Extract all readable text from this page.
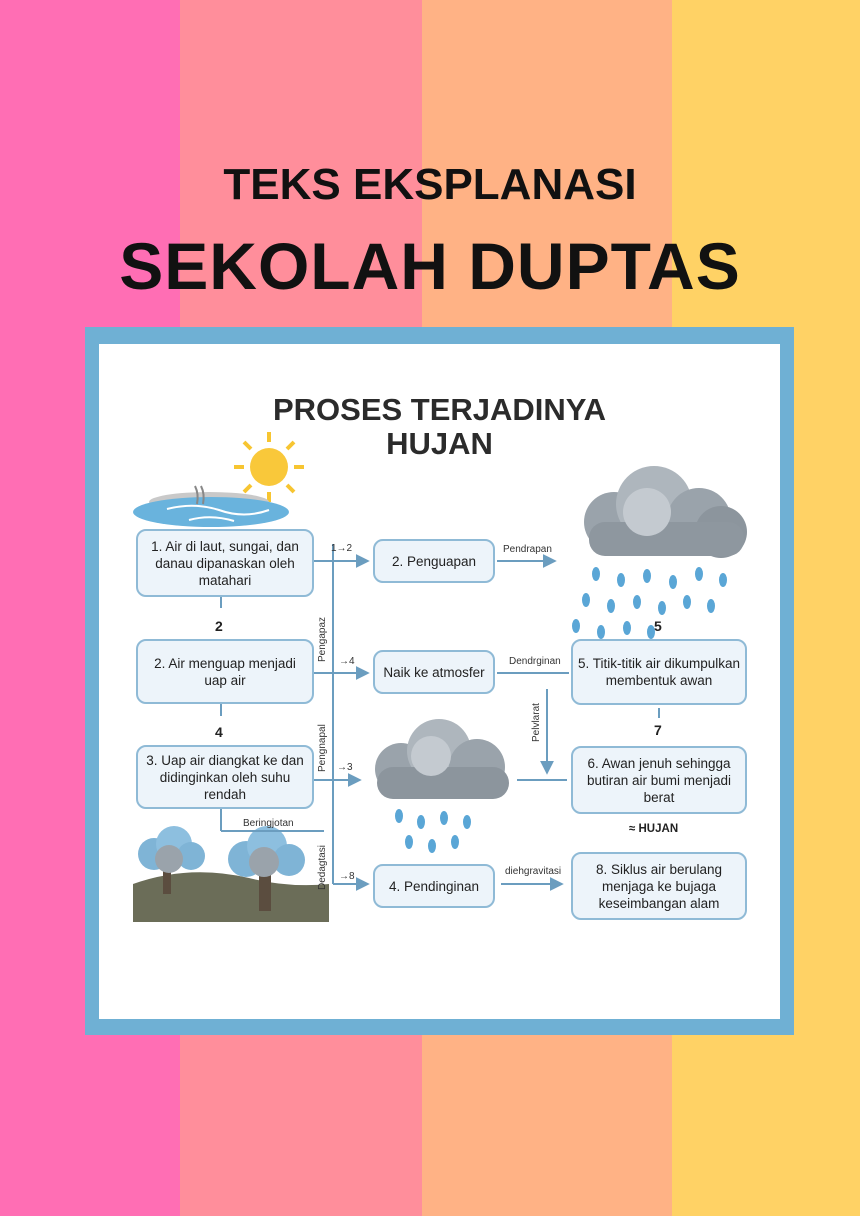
TEKS EKSPLANASI
SEKOLAH DUPTAS
PROSES TERJADINYA
HUJAN
1. Air di laut, sungai, dan danau dipanaskan oleh matahari
2. Air menguap menjadi uap air
3. Uap air diangkat ke dan didinginkan oleh suhu rendah
2. Penguapan
Naik ke atmosfer
4. Pendinginan
5. Titik-titik air dikumpulkan membentuk awan
6. Awan jenuh sehingga butiran air bumi menjadi berat
8. Siklus air berulang menjaga ke bujaga keseimbangan alam
2
4
5
7
1→2
→4
→3
→8
Pendrapan
Dendrginan
diehgravitasi
Beringjotan
Pengapaz
Pengnapal
Dedagtasi
Pelvlarat
≈ HUJAN
